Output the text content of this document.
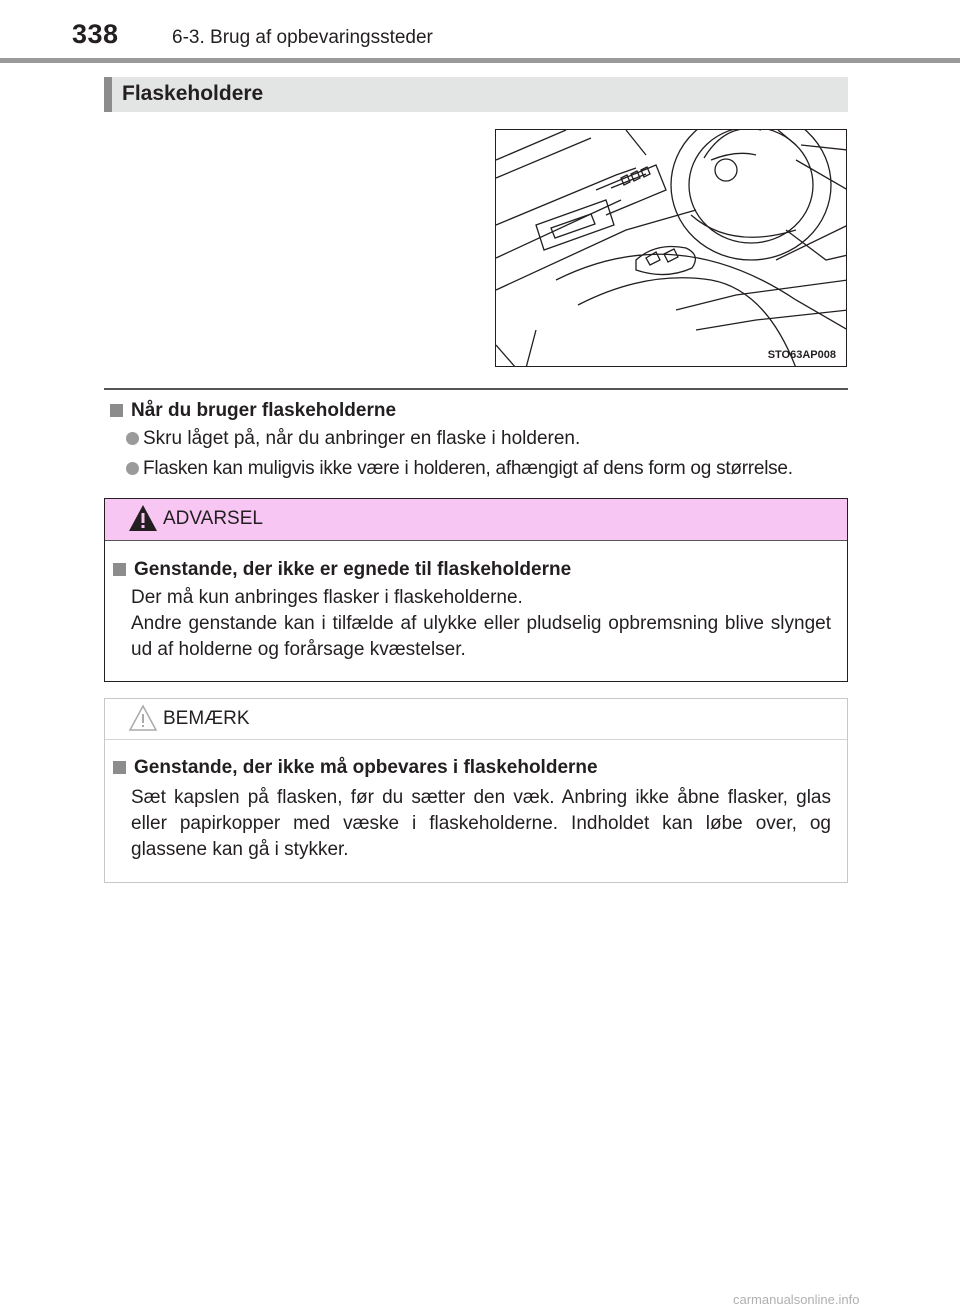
338	6-3. Brug af opbevaringssteder
Flaskeholdere
STO63AP008
Når du bruger flaskeholderne
Skru låget på, når du anbringer en flaske i holderen.
Flasken kan muligvis ikke være i holderen, afhængigt af dens form og størrelse.
ADVARSEL
Genstande, der ikke er egnede til flaskeholderne
Der må kun anbringes flasker i flaskeholderne.
Andre genstande kan i tilfælde af ulykke eller pludselig opbremsning blive slynget ud af holderne og forårsage kvæstelser.
BEMÆRK
Genstande, der ikke må opbevares i flaskeholderne
Sæt kapslen på flasken, før du sætter den væk. Anbring ikke åbne flasker, glas eller papirkopper med væske i flaskeholderne. Indholdet kan løbe over, og glassene kan gå i stykker.
carmanualsonline.info
